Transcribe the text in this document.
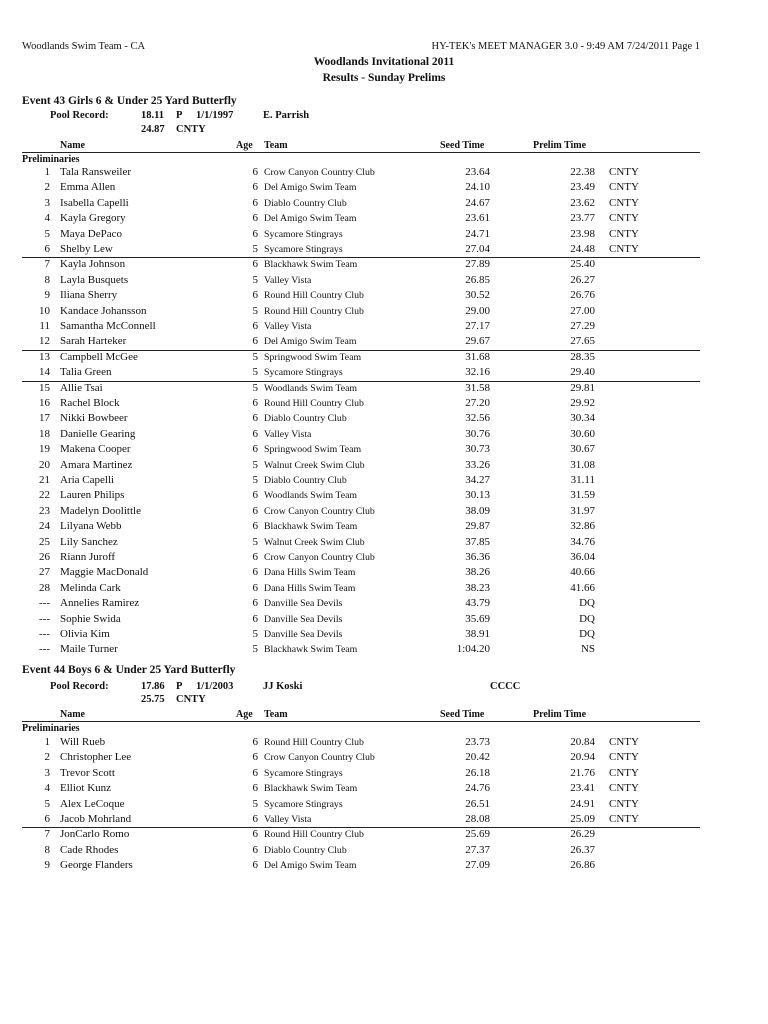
Woodlands Swim Team - CA	HY-TEK's MEET MANAGER 3.0 - 9:49 AM 7/24/2011 Page 1
Woodlands Invitational 2011
Results - Sunday Prelims
Event 43 Girls 6 & Under 25 Yard Butterfly
Pool Record:	18.11 P 1/1/1997	E. Parrish
24.87 CNTY
Name	Age Team	Seed Time	Prelim Time
Preliminaries
1 Tala Ransweiler	6 Crow Canyon Country Club	23.64	22.38 CNTY
2 Emma Allen	6 Del Amigo Swim Team	24.10	23.49 CNTY
3 Isabella Capelli	6 Diablo Country Club	24.67	23.62 CNTY
4 Kayla Gregory	6 Del Amigo Swim Team	23.61	23.77 CNTY
5 Maya DePaco	6 Sycamore Stingrays	24.71	23.98 CNTY
6 Shelby Lew	5 Sycamore Stingrays	27.04	24.48 CNTY
7 Kayla Johnson	6 Blackhawk Swim Team	27.89	25.40
8 Layla Busquets	5 Valley Vista	26.85	26.27
9 Iliana Sherry	6 Round Hill Country Club	30.52	26.76
10 Kandace Johansson	5 Round Hill Country Club	29.00	27.00
11 Samantha McConnell	6 Valley Vista	27.17	27.29
12 Sarah Harteker	6 Del Amigo Swim Team	29.67	27.65
13 Campbell McGee	5 Springwood Swim Team	31.68	28.35
14 Talia Green	5 Sycamore Stingrays	32.16	29.40
15 Allie Tsai	5 Woodlands Swim Team	31.58	29.81
16 Rachel Block	6 Round Hill Country Club	27.20	29.92
17 Nikki Bowbeer	6 Diablo Country Club	32.56	30.34
18 Danielle Gearing	6 Valley Vista	30.76	30.60
19 Makena Cooper	6 Springwood Swim Team	30.73	30.67
20 Amara Martinez	5 Walnut Creek Swim Club	33.26	31.08
21 Aria Capelli	5 Diablo Country Club	34.27	31.11
22 Lauren Philips	6 Woodlands Swim Team	30.13	31.59
23 Madelyn Doolittle	6 Crow Canyon Country Club	38.09	31.97
24 Lilyana Webb	6 Blackhawk Swim Team	29.87	32.86
25 Lily Sanchez	5 Walnut Creek Swim Club	37.85	34.76
26 Riann Juroff	6 Crow Canyon Country Club	36.36	36.04
27 Maggie MacDonald	6 Dana Hills Swim Team	38.26	40.66
28 Melinda Cark	6 Dana Hills Swim Team	38.23	41.66
--- Annelies Ramirez	6 Danville Sea Devils	43.79	DQ
--- Sophie Swida	6 Danville Sea Devils	35.69	DQ
--- Olivia Kim	5 Danville Sea Devils	38.91	DQ
--- Maile Turner	5 Blackhawk Swim Team	1:04.20	NS
Event 44 Boys 6 & Under 25 Yard Butterfly
Pool Record:	17.86 P 1/1/2003	JJ Koski	CCCC
25.75 CNTY
Name	Age Team	Seed Time	Prelim Time
Preliminaries
1 Will Rueb	6 Round Hill Country Club	23.73	20.84 CNTY
2 Christopher Lee	6 Crow Canyon Country Club	20.42	20.94 CNTY
3 Trevor Scott	6 Sycamore Stingrays	26.18	21.76 CNTY
4 Elliot Kunz	6 Blackhawk Swim Team	24.76	23.41 CNTY
5 Alex LeCoque	5 Sycamore Stingrays	26.51	24.91 CNTY
6 Jacob Mohrland	6 Valley Vista	28.08	25.09 CNTY
7 JonCarlo Romo	6 Round Hill Country Club	25.69	26.29
8 Cade Rhodes	6 Diablo Country Club	27.37	26.37
9 George Flanders	6 Del Amigo Swim Team	27.09	26.86
